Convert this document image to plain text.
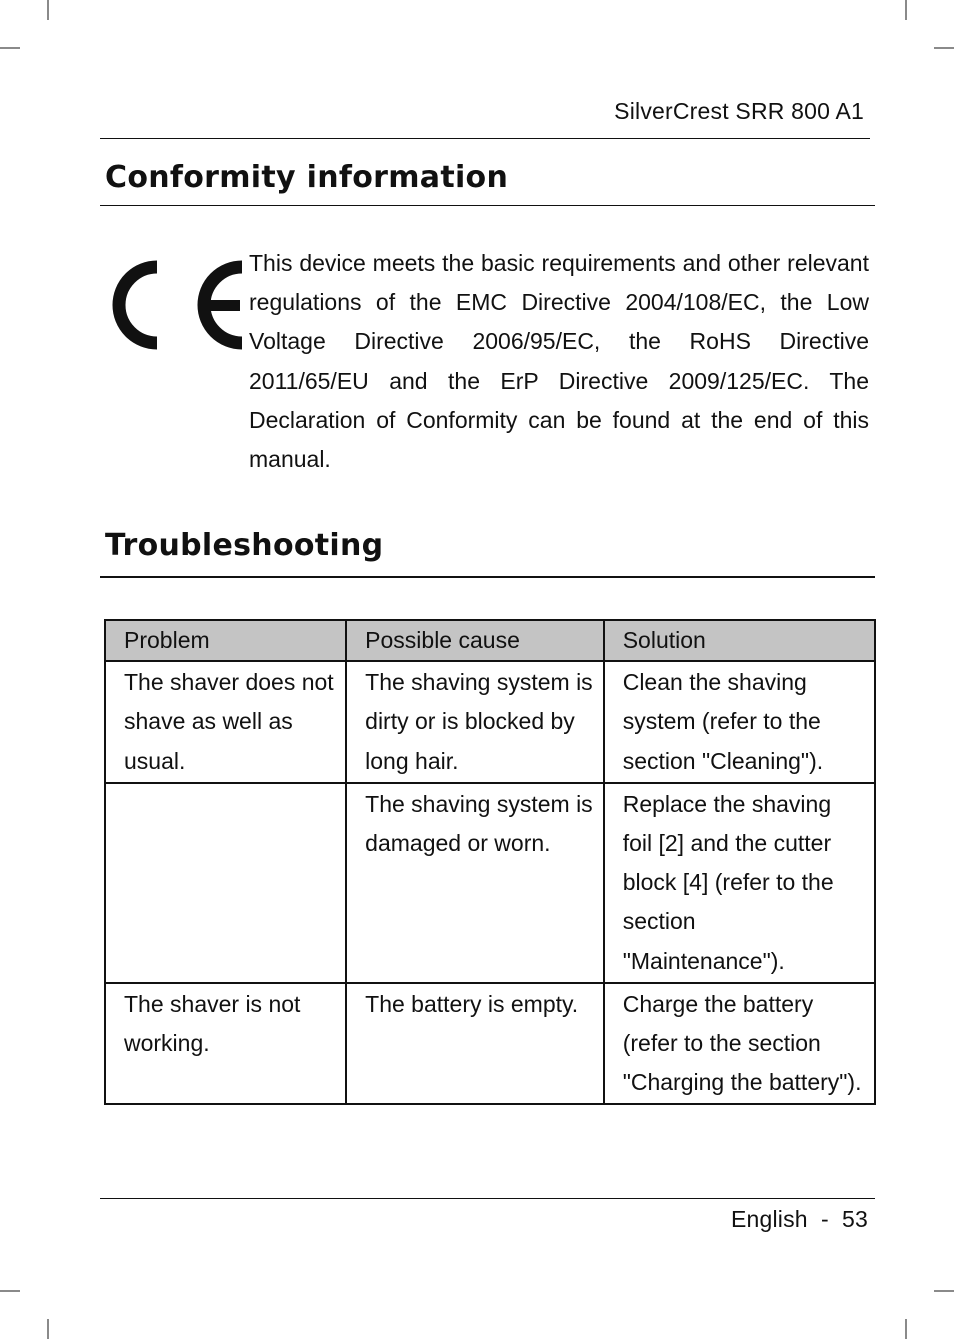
SilverCrest SRR 800 A1
Conformity information

This device meets the basic requirements and other relevant regulations of the EMC Directive 2004/108/EC, the Low Voltage Directive 2006/95/EC, the RoHS Directive 2011/65/EU and the ErP Directive 2009/125/EC. The Declaration of Conformity can be found at the end of this manual.

Troubleshooting
Problem	Possible cause	Solution
The shaver does not shave as well as usual.	The shaving system is dirty or is blocked by long hair.	Clean the shaving system (refer to the section "Cleaning").
	The shaving system is damaged or worn.	Replace the shaving foil [2] and the cutter block [4] (refer to the section "Maintenance").
The shaver is not working.	The battery is empty.	Charge the battery (refer to the section "Charging the battery").
English - 53
